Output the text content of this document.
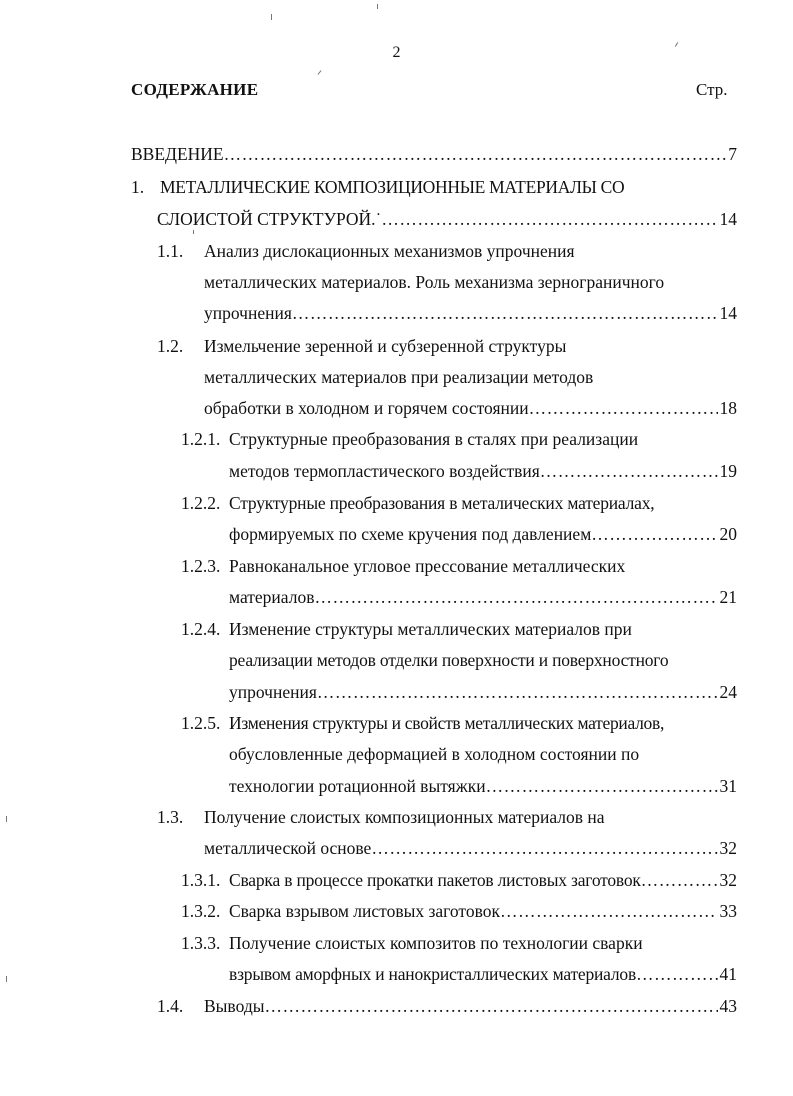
2
СОДЕРЖАНИЕ	Стр.
ВВЕДЕНИЕ …………………………………………………………………………………………………………………………………………………………………………………	7
1. МЕТАЛЛИЧЕСКИЕ КОМПОЗИЦИОННЫЕ МАТЕРИАЛЫ СО
СЛОИСТОЙ СТРУКТУРОЙ.˙ …………………………………………………………………………………………………………………………………………………………………………………	14
1.1. Анализ дислокационных механизмов упрочнения
металлических материалов. Роль механизма зернограничного
упрочнения …………………………………………………………………………………………………………………………………………………………………………………	14
1.2. Измельчение зеренной и субзеренной структуры
металлических материалов при реализации методов
обработки в холодном и горячем состоянии …………………………………………………………………………………………………………………………………………………………………………………	18
1.2.1. Структурные преобразования в сталях при реализации
методов термопластического воздействия …………………………………………………………………………………………………………………………………………………………………………………	19
1.2.2. Структурные преобразования в металических материалах,
формируемых по схеме кручения под давлением …………………………………………………………………………………………………………………………………………………………………………………	20
1.2.3. Равноканальное угловое прессование металлических
материалов …………………………………………………………………………………………………………………………………………………………………………………	21
1.2.4. Изменение структуры металлических материалов при
реализации методов отделки поверхности и поверхностного
упрочнения …………………………………………………………………………………………………………………………………………………………………………………	24
1.2.5. Изменения структуры и свойств металлических материалов,
обусловленные деформацией в холодном состоянии по
технологии ротационной вытяжки …………………………………………………………………………………………………………………………………………………………………………………	31
1.3. Получение слоистых композиционных материалов на
металлической основе …………………………………………………………………………………………………………………………………………………………………………………	32
1.3.1. Сварка в процессе прокатки пакетов листовых заготовок …………………………………………………………………………………………………………………………………………………………………………………	32
1.3.2. Сварка взрывом листовых заготовок …………………………………………………………………………………………………………………………………………………………………………………	33
1.3.3. Получение слоистых композитов по технологии сварки
взрывом аморфных и нанокристаллических материалов …………………………………………………………………………………………………………………………………………………………………………………	41
1.4. Выводы …………………………………………………………………………………………………………………………………………………………………………………	43
